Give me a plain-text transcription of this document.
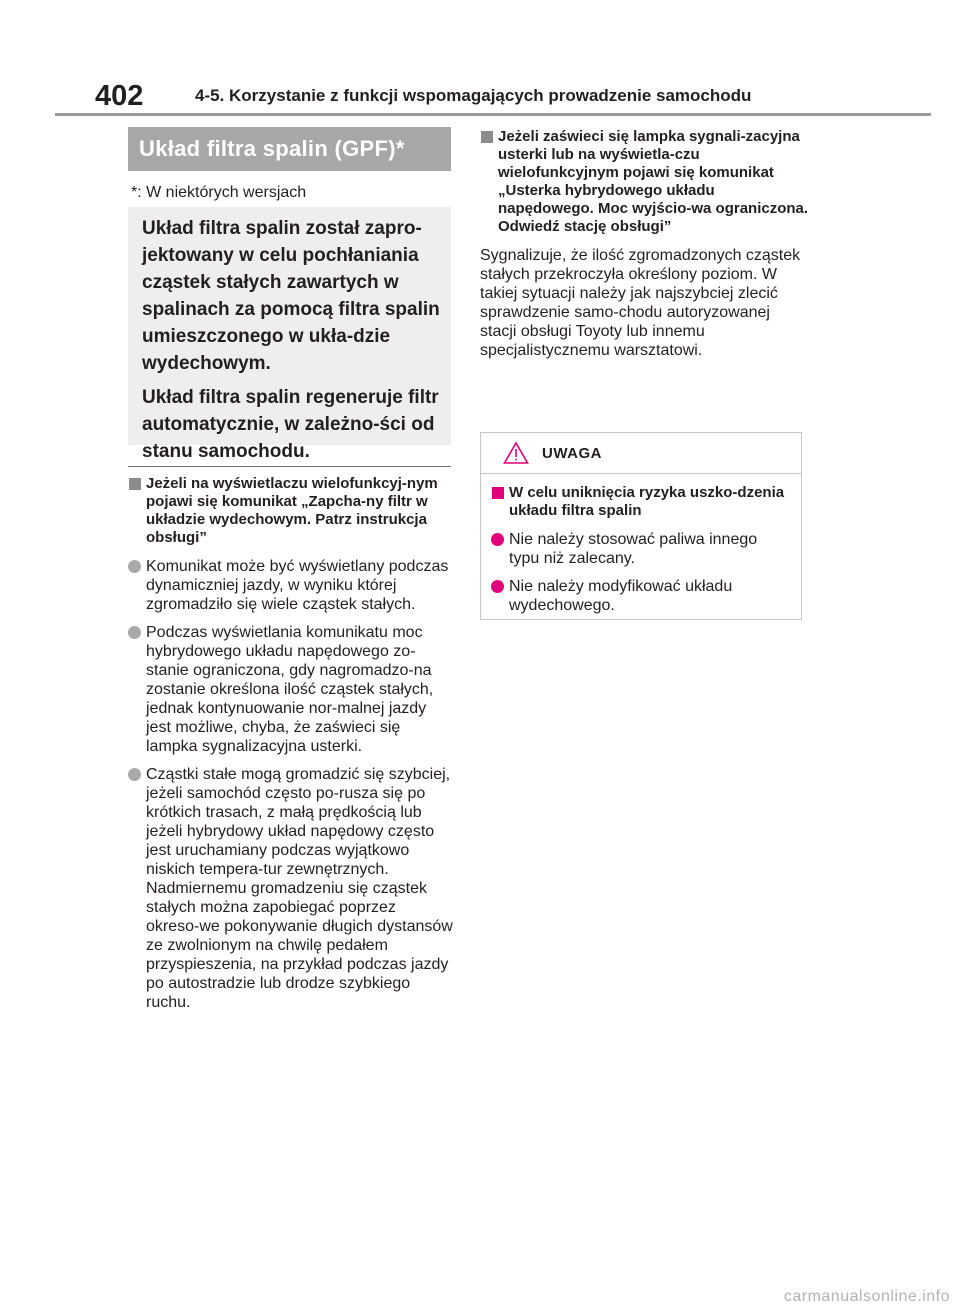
402	4-5. Korzystanie z funkcji wspomagających prowadzenie samochodu
Układ filtra spalin (GPF)*
*: W niektórych wersjach

Układ filtra spalin został zapro-jektowany w celu pochłaniania cząstek stałych zawartych w spalinach za pomocą filtra spalin umieszczonego w ukła-dzie wydechowym.

Układ filtra spalin regeneruje filtr automatycznie, w zależno-ści od stanu samochodu.

Jeżeli na wyświetlaczu wielofunkcyj-nym pojawi się komunikat „Zapcha-ny filtr w układzie wydechowym. Patrz instrukcja obsługi”
Komunikat może być wyświetlany podczas dynamiczniej jazdy, w wyniku której zgromadziło się wiele cząstek stałych.
Podczas wyświetlania komunikatu moc hybrydowego układu napędowego zo-stanie ograniczona, gdy nagromadzo-na zostanie określona ilość cząstek stałych, jednak kontynuowanie nor-malnej jazdy jest możliwe, chyba, że zaświeci się lampka sygnalizacyjna usterki.
Cząstki stałe mogą gromadzić się szybciej, jeżeli samochód często po-rusza się po krótkich trasach, z małą prędkością lub jeżeli hybrydowy układ napędowy często jest uruchamiany podczas wyjątkowo niskich tempera-tur zewnętrznych. Nadmiernemu gromadzeniu się cząstek stałych można zapobiegać poprzez okreso-we pokonywanie długich dystansów ze zwolnionym na chwilę pedałem przyspieszenia, na przykład podczas jazdy po autostradzie lub drodze szybkiego ruchu.
Jeżeli zaświeci się lampka sygnali-zacyjna usterki lub na wyświetla-czu wielofunkcyjnym pojawi się komunikat „Usterka hybrydowego układu napędowego. Moc wyjścio-wa ograniczona. Odwiedź stację obsługi”
Sygnalizuje, że ilość zgromadzonych cząstek stałych przekroczyła określony poziom. W takiej sytuacji należy jak najszybciej zlecić sprawdzenie samo-chodu autoryzowanej stacji obsługi Toyoty lub innemu specjalistycznemu warsztatowi.
UWAGA
W celu uniknięcia ryzyka uszko-dzenia układu filtra spalin
Nie należy stosować paliwa innego typu niż zalecany.
Nie należy modyfikować układu wydechowego.
carmanualsonline.info
